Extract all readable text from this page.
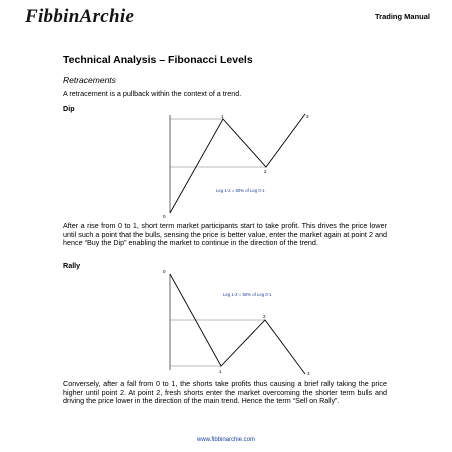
FibbinArchie	Trading Manual
Technical Analysis – Fibonacci Levels
Retracements
A retracement is a pullback within the context of a trend.
Dip
0
1
2
3
Leg 1-2 = 50% of Leg 0-1
After a rise from 0 to 1, short term market participants start to take profit. This drives the price lower until such a point that the bulls, sensing the price is better value, enter the market again at point 2 and hence “Buy the Dip” enabling the market to continue in the direction of the trend.
Rally
0
1
2
3
Leg 1-2 = 50% of Leg 0-1
Conversely, after a fall from 0 to 1, the shorts take profits thus causing a brief rally taking the price higher until point 2. At point 2, fresh shorts enter the market overcoming the shorter term bulls and driving the price lower in the direction of the main trend. Hence the term “Sell on Rally”.
www.fibbinarchie.com
